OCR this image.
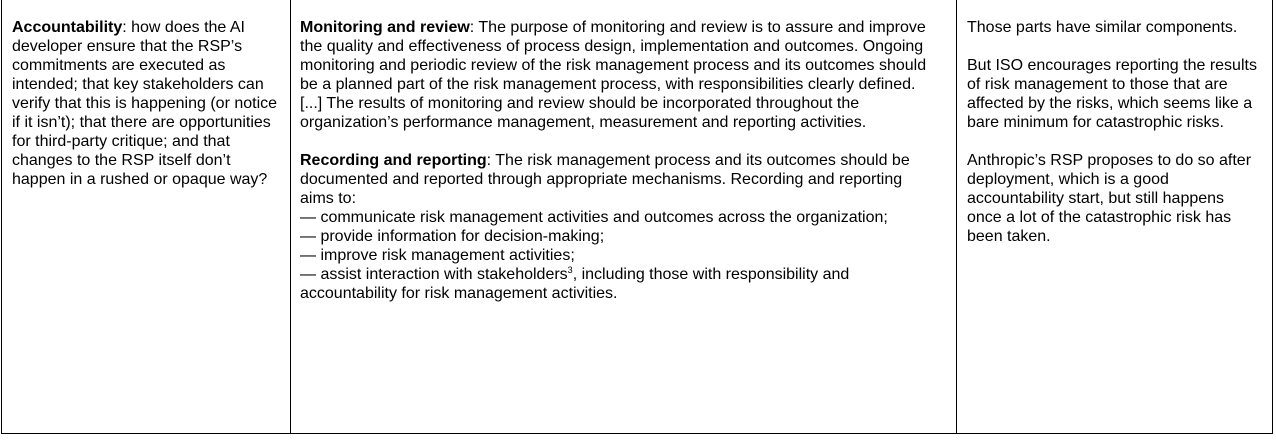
Accountability: how does the AI developer ensure that the RSP’s commitments are executed as intended; that key stakeholders can verify that this is happening (or notice if it isn’t); that there are opportunities for third-party critique; and that changes to the RSP itself don’t happen in a rushed or opaque way?

Monitoring and review: The purpose of monitoring and review is to assure and improve the quality and effectiveness of process design, implementation and outcomes. Ongoing monitoring and periodic review of the risk management process and its outcomes should be a planned part of the risk management process, with responsibilities clearly defined. [...] The results of monitoring and review should be incorporated throughout the organization’s performance management, measurement and reporting activities.

Recording and reporting: The risk management process and its outcomes should be documented and reported through appropriate mechanisms. Recording and reporting aims to:
— communicate risk management activities and outcomes across the organization;
— provide information for decision-making;
— improve risk management activities;
— assist interaction with stakeholders$^3$, including those with responsibility and accountability for risk management activities.

Those parts have similar components.

But ISO encourages reporting the results of risk management to those that are affected by the risks, which seems like a bare minimum for catastrophic risks.

Anthropic’s RSP proposes to do so after deployment, which is a good accountability start, but still happens once a lot of the catastrophic risk has been taken.
